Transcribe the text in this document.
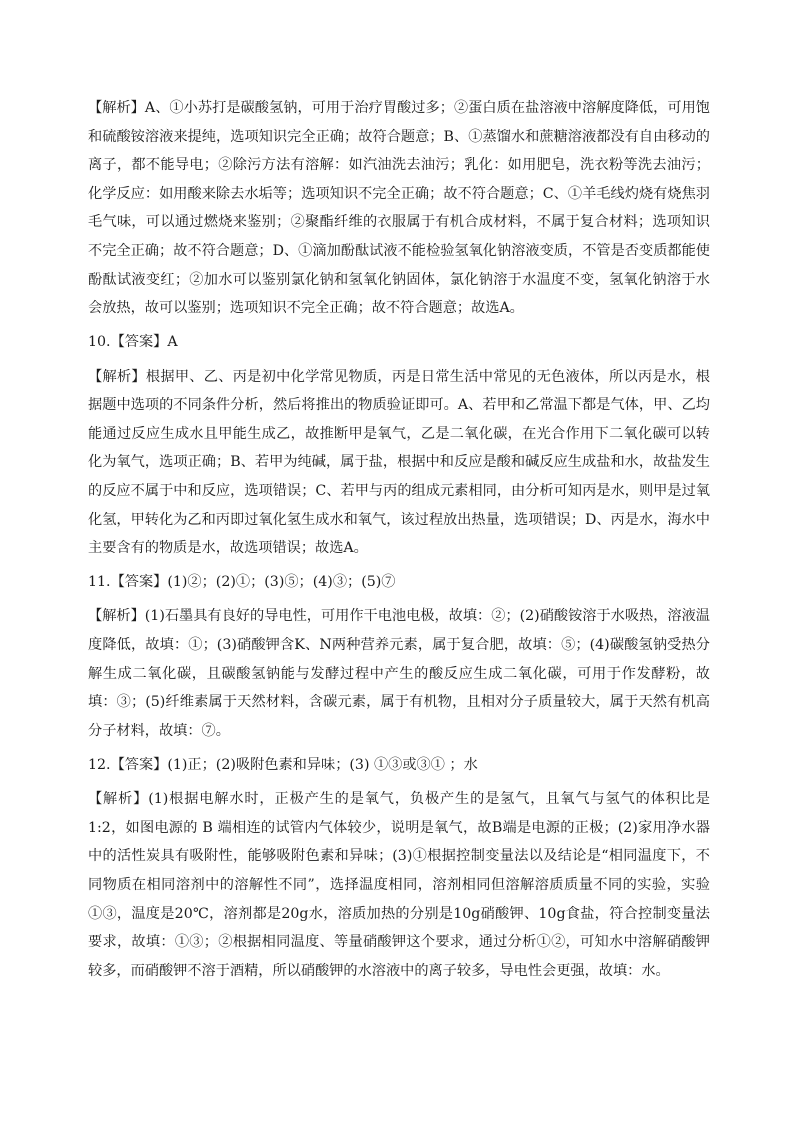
【解析】A、①小苏打是碳酸氢钠，可用于治疗胃酸过多；②蛋白质在盐溶液中溶解度降低，可用饱和硫酸铵溶液来提纯，选项知识完全正确；故符合题意；B、①蒸馏水和蔗糖溶液都没有自由移动的离子，都不能导电；②除污方法有溶解：如汽油洗去油污；乳化：如用肥皂，洗衣粉等洗去油污；化学反应：如用酸来除去水垢等；选项知识不完全正确；故不符合题意；C、①羊毛线灼烧有烧焦羽毛气味，可以通过燃烧来鉴别；②聚酯纤维的衣服属于有机合成材料，不属于复合材料；选项知识不完全正确；故不符合题意；D、①滴加酚酞试液不能检验氢氧化钠溶液变质，不管是否变质都能使酚酞试液变红；②加水可以鉴别氯化钠和氢氧化钠固体，氯化钠溶于水温度不变，氢氧化钠溶于水会放热，故可以鉴别；选项知识不完全正确；故不符合题意；故选A。

10.【答案】A

【解析】根据甲、乙、丙是初中化学常见物质，丙是日常生活中常见的无色液体，所以丙是水，根据题中选项的不同条件分析，然后将推出的物质验证即可。A、若甲和乙常温下都是气体，甲、乙均能通过反应生成水且甲能生成乙，故推断甲是氧气，乙是二氧化碳，在光合作用下二氧化碳可以转化为氧气，选项正确；B、若甲为纯碱，属于盐，根据中和反应是酸和碱反应生成盐和水，故盐发生的反应不属于中和反应，选项错误；C、若甲与丙的组成元素相同，由分析可知丙是水，则甲是过氧化氢，甲转化为乙和丙即过氧化氢生成水和氧气，该过程放出热量，选项错误；D、丙是水，海水中主要含有的物质是水，故选项错误；故选A。

11.【答案】(1)②；(2)①；(3)⑤；(4)③；(5)⑦

【解析】(1)石墨具有良好的导电性，可用作干电池电极，故填：②；(2)硝酸铵溶于水吸热，溶液温度降低，故填：①；(3)硝酸钾含K、N两种营养元素，属于复合肥，故填：⑤；(4)碳酸氢钠受热分解生成二氧化碳，且碳酸氢钠能与发酵过程中产生的酸反应生成二氧化碳，可用于作发酵粉，故填：③；(5)纤维素属于天然材料，含碳元素，属于有机物，且相对分子质量较大，属于天然有机高分子材料，故填：⑦。

12.【答案】(1)正；(2)吸附色素和异味；(3) ①③或③① ；水

【解析】(1)根据电解水时，正极产生的是氧气，负极产生的是氢气，且氧气与氢气的体积比是1:2，如图电源的 B 端相连的试管内气体较少，说明是氧气，故B端是电源的正极；(2)家用净水器中的活性炭具有吸附性，能够吸附色素和异味；(3)①根据控制变量法以及结论是“相同温度下，不同物质在相同溶剂中的溶解性不同”，选择温度相同，溶剂相同但溶解溶质质量不同的实验，实验①③，温度是20℃，溶剂都是20g水，溶质加热的分别是10g硝酸钾、10g食盐，符合控制变量法要求，故填：①③；②根据相同温度、等量硝酸钾这个要求，通过分析①②，可知水中溶解硝酸钾较多，而硝酸钾不溶于酒精，所以硝酸钾的水溶液中的离子较多，导电性会更强，故填：水。
